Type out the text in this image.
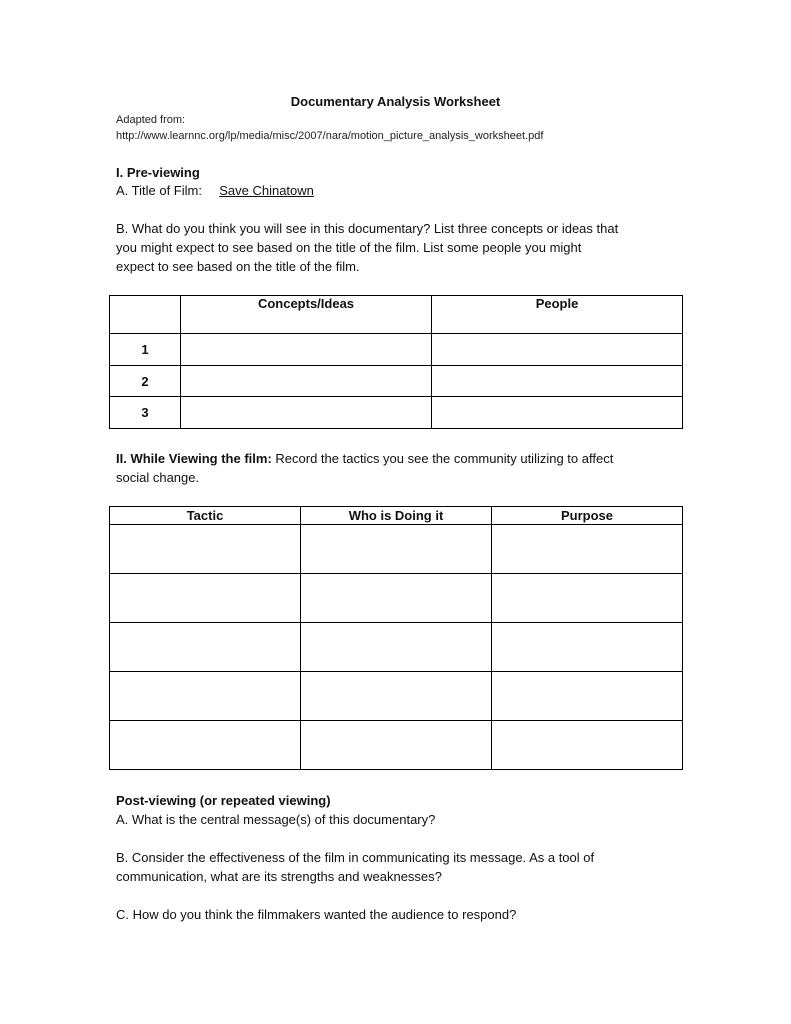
Documentary Analysis Worksheet
Adapted from:
http://www.learnnc.org/lp/media/misc/2007/nara/motion_picture_analysis_worksheet.pdf
I. Pre-viewing
A. Title of Film: Save Chinatown
B. What do you think you will see in this documentary? List three concepts or ideas that
you might expect to see based on the title of the film. List some people you might
expect to see based on the title of the film.
	Concepts/Ideas	People
1		
2		
3		
II. While Viewing the film: Record the tactics you see the community utilizing to affect
social change.
Tactic	Who is Doing it	Purpose

Post-viewing (or repeated viewing)
A. What is the central message(s) of this documentary?
B. Consider the effectiveness of the film in communicating its message. As a tool of
communication, what are its strengths and weaknesses?
C. How do you think the filmmakers wanted the audience to respond?
